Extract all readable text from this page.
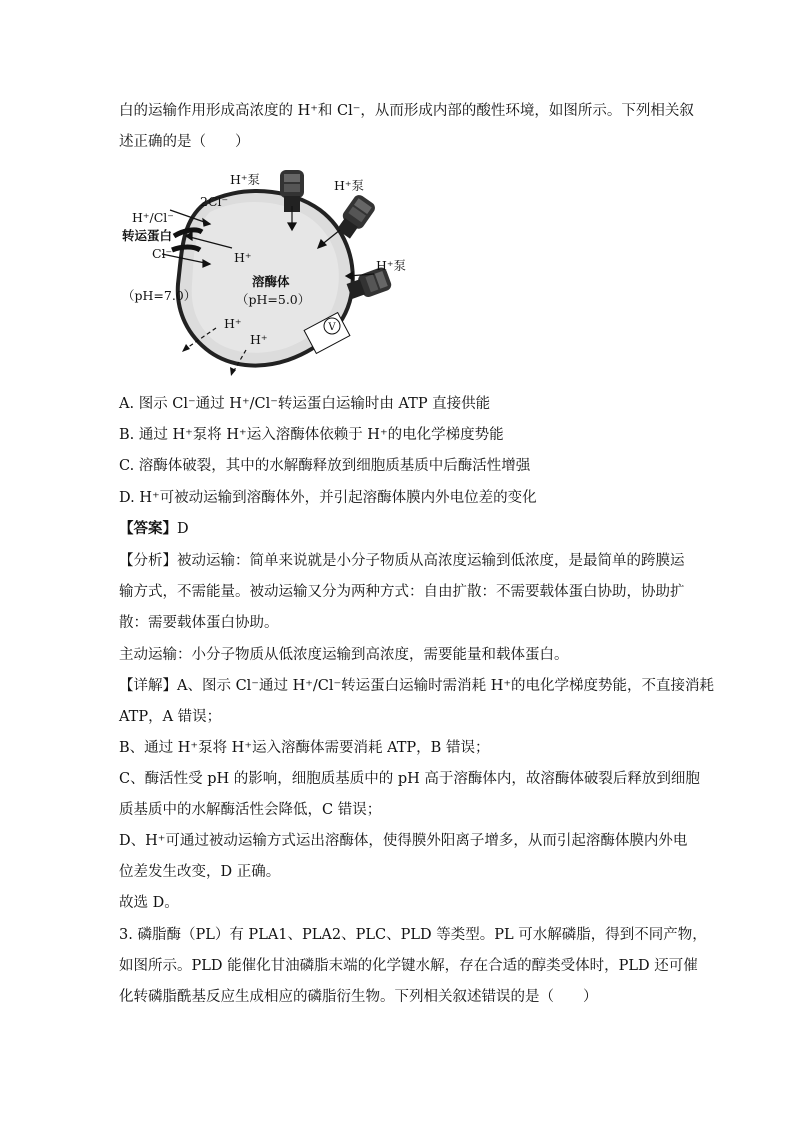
白的运输作用形成高浓度的 H⁺和 Cl⁻，从而形成内部的酸性环境，如图所示。下列相关叙
述正确的是（　　）
V
H⁺泵	H⁺泵
H⁺泵
2Cl⁻
H⁺/Cl⁻
转运蛋白
Cl⁻	H⁺
溶酶体
（pH=5.0）
（pH=7.0）
H⁺
H⁺
A. 图示 Cl⁻通过 H⁺/Cl⁻转运蛋白运输时由 ATP 直接供能
B. 通过 H⁺泵将 H⁺运入溶酶体依赖于 H⁺的电化学梯度势能
C. 溶酶体破裂，其中的水解酶释放到细胞质基质中后酶活性增强
D. H⁺可被动运输到溶酶体外，并引起溶酶体膜内外电位差的变化
【答案】D
【分析】被动运输：简单来说就是小分子物质从高浓度运输到低浓度，是最简单的跨膜运
输方式，不需能量。被动运输又分为两种方式：自由扩散：不需要载体蛋白协助，协助扩
散：需要载体蛋白协助。
主动运输：小分子物质从低浓度运输到高浓度，需要能量和载体蛋白。
【详解】A、图示 Cl⁻通过 H⁺/Cl⁻转运蛋白运输时需消耗 H⁺的电化学梯度势能，不直接消耗
ATP，A 错误；
B、通过 H⁺泵将 H⁺运入溶酶体需要消耗 ATP，B 错误；
C、酶活性受 pH 的影响，细胞质基质中的 pH 高于溶酶体内，故溶酶体破裂后释放到细胞
质基质中的水解酶活性会降低，C 错误；
D、H⁺可通过被动运输方式运出溶酶体，使得膜外阳离子增多，从而引起溶酶体膜内外电
位差发生改变，D 正确。
故选 D。
3. 磷脂酶（PL）有 PLA1、PLA2、PLC、PLD 等类型。PL 可水解磷脂，得到不同产物，
如图所示。PLD 能催化甘油磷脂末端的化学键水解，存在合适的醇类受体时，PLD 还可催
化转磷脂酰基反应生成相应的磷脂衍生物。下列相关叙述错误的是（　　）
